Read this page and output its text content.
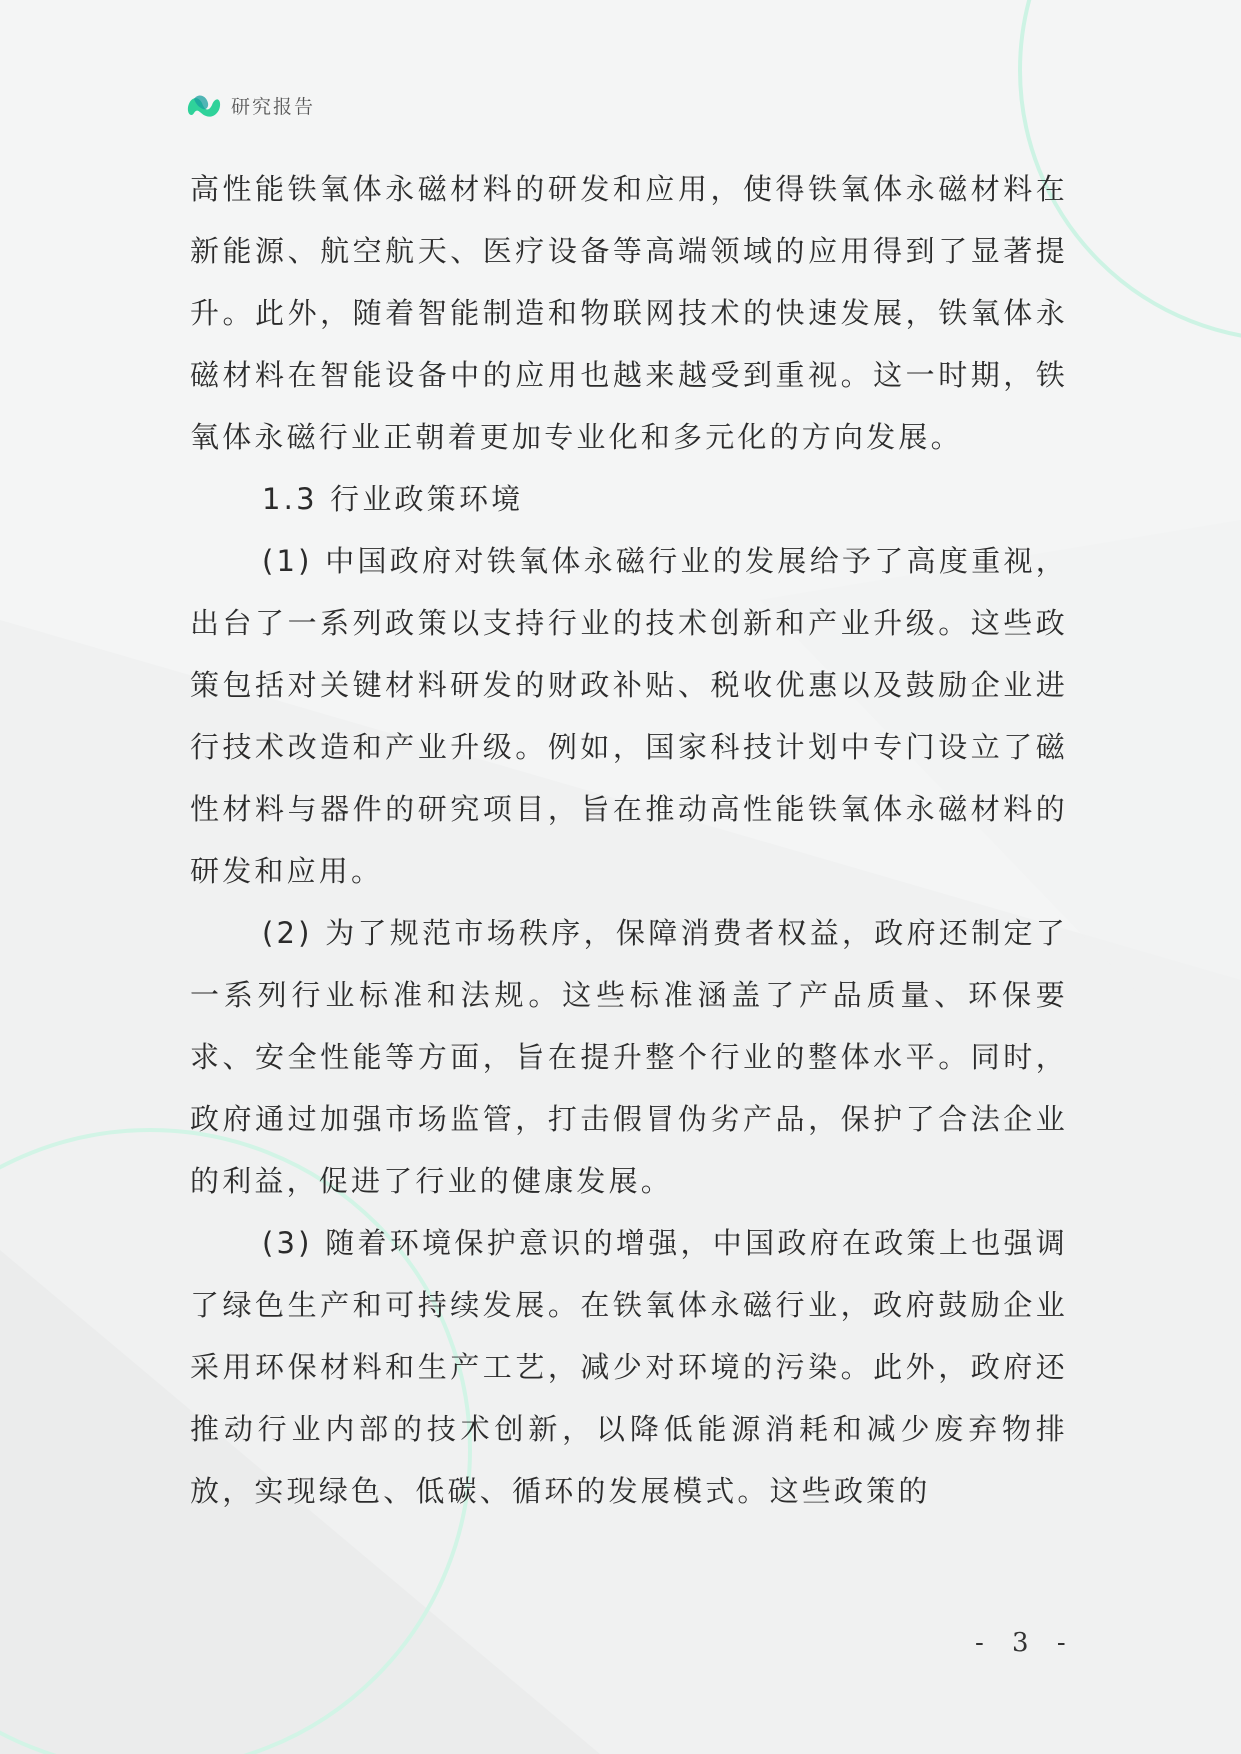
研究报告

高性能铁氧体永磁材料的研发和应用，使得铁氧体永磁材料在新能源、航空航天、医疗设备等高端领域的应用得到了显著提升。此外，随着智能制造和物联网技术的快速发展，铁氧体永磁材料在智能设备中的应用也越来越受到重视。这一时期，铁氧体永磁行业正朝着更加专业化和多元化的方向发展。

1.3 行业政策环境

(1) 中国政府对铁氧体永磁行业的发展给予了高度重视，出台了一系列政策以支持行业的技术创新和产业升级。这些政策包括对关键材料研发的财政补贴、税收优惠以及鼓励企业进行技术改造和产业升级。例如，国家科技计划中专门设立了磁性材料与器件的研究项目，旨在推动高性能铁氧体永磁材料的研发和应用。

(2) 为了规范市场秩序，保障消费者权益，政府还制定了一系列行业标准和法规。这些标准涵盖了产品质量、环保要求、安全性能等方面，旨在提升整个行业的整体水平。同时，政府通过加强市场监管，打击假冒伪劣产品，保护了合法企业的利益，促进了行业的健康发展。

(3) 随着环境保护意识的增强，中国政府在政策上也强调了绿色生产和可持续发展。在铁氧体永磁行业，政府鼓励企业采用环保材料和生产工艺，减少对环境的污染。此外，政府还推动行业内部的技术创新，以降低能源消耗和减少废弃物排放，实现绿色、低碳、循环的发展模式。这些政策的

- 3 -
